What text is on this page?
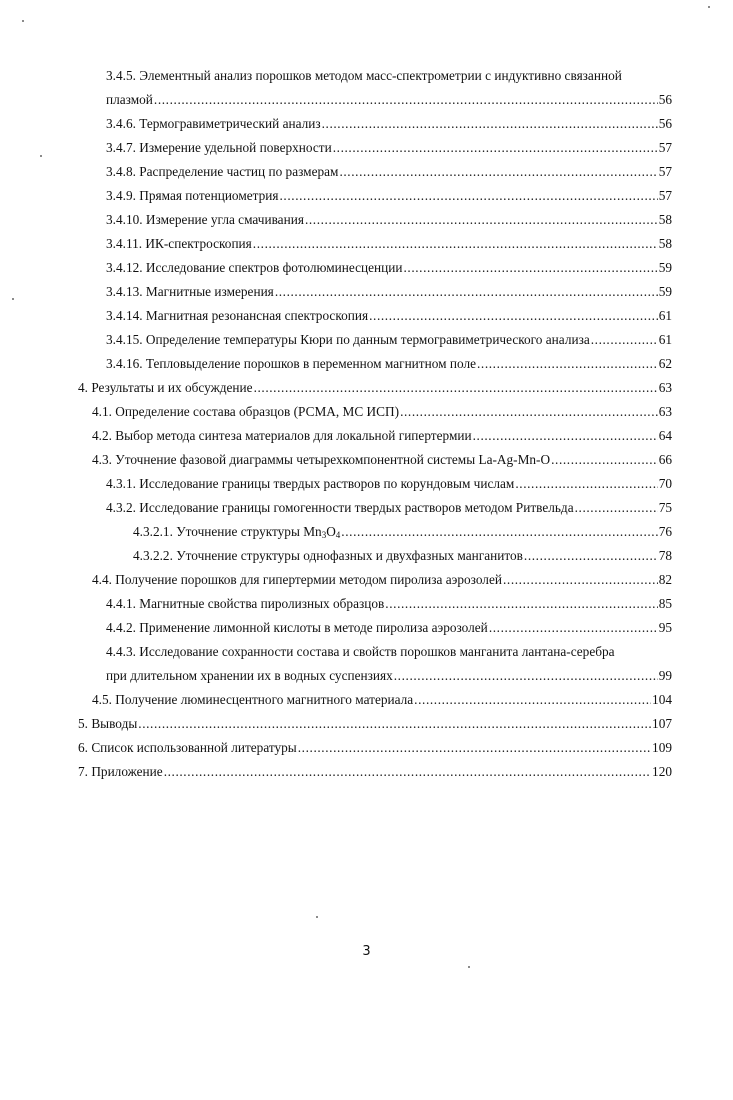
3.4.5. Элементный анализ порошков методом масс-спектрометрии с индуктивно связанной
плазмой .....	56
3.4.6. Термогравиметрический анализ .....	56
3.4.7. Измерение удельной поверхности .....	57
3.4.8. Распределение частиц по размерам .....	57
3.4.9. Прямая потенциометрия .....	57
3.4.10. Измерение угла смачивания .....	58
3.4.11. ИК-спектроскопия .....	58
3.4.12. Исследование спектров фотолюминесценции .....	59
3.4.13. Магнитные измерения .....	59
3.4.14. Магнитная резонансная спектроскопия .....	61
3.4.15. Определение температуры Кюри по данным термогравиметрического анализа .....	61
3.4.16. Тепловыделение порошков в переменном магнитном поле .....	62
4. Результаты и их обсуждение .....	63
4.1. Определение состава образцов (РСМА, МС ИСП) .....	63
4.2. Выбор метода синтеза материалов для локальной гипертермии .....	64
4.3. Уточнение фазовой диаграммы четырехкомпонентной системы La-Ag-Mn-O .....	66
4.3.1. Исследование границы твердых растворов по корундовым числам .....	70
4.3.2. Исследование границы гомогенности твердых растворов методом Ритвельда .....	75
4.3.2.1. Уточнение структуры $Mn_3O_4$ .....	76
4.3.2.2. Уточнение структуры однофазных и двухфазных манганитов .....	78
4.4. Получение порошков для гипертермии методом пиролиза аэрозолей .....	82
4.4.1. Магнитные свойства пиролизных образцов .....	85
4.4.2. Применение лимонной кислоты в методе пиролиза аэрозолей .....	95
4.4.3. Исследование сохранности состава и свойств порошков манганита лантана-серебра
при длительном хранении их в водных суспензиях .....	99
4.5. Получение люминесцентного магнитного материала .....	104
5. Выводы .....	107
6. Список использованной литературы .....	109
7. Приложение .....	120
3
